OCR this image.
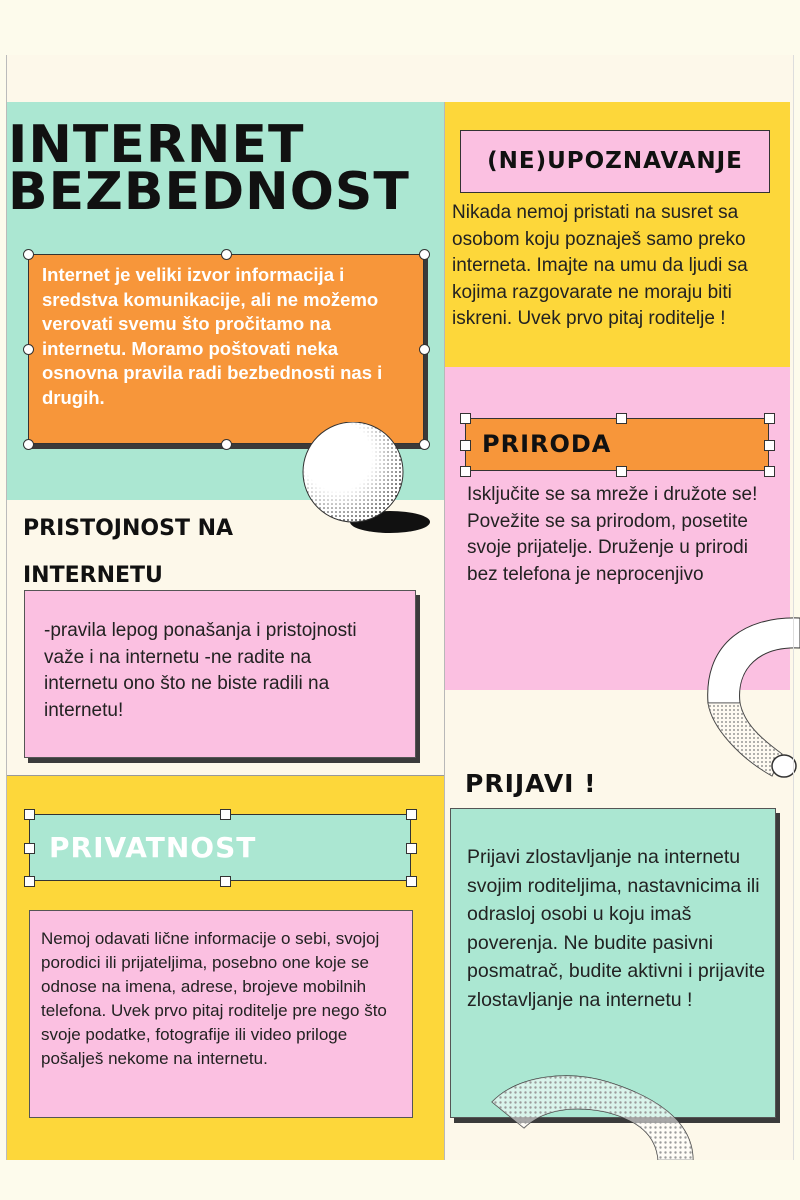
INTERNET
BEZBEDNOST
Internet je veliki izvor informacija i sredstva komunikacije, ali ne možemo verovati svemu što pročitamo na internetu. Moramo poštovati neka osnovna pravila radi bezbednosti nas i drugih.
(NE)UPOZNAVANJE
Nikada nemoj pristati na susret sa osobom koju poznaješ samo preko interneta. Imajte na umu da ljudi sa kojima razgovarate ne moraju biti iskreni. Uvek prvo pitaj roditelje !
PRIRODA
Isključite se sa mreže i družote se! Povežite se sa prirodom, posetite svoje prijatelje. Druženje u prirodi bez telefona je neprocenjivo
PRISTOJNOST NA
INTERNETU
-pravila lepog ponašanja i pristojnosti važe i na internetu -ne radite na internetu ono što ne biste radili na internetu!
PRIJAVI !
Prijavi zlostavljanje na internetu svojim roditeljima, nastavnicima ili odrasloj osobi u koju imaš poverenja. Ne budite pasivni posmatrač, budite aktivni i prijavite zlostavljanje na internetu !
PRIVATNOST
Nemoj odavati lične informacije o sebi, svojoj porodici ili prijateljima, posebno one koje se odnose na imena, adrese, brojeve mobilnih telefona. Uvek prvo pitaj roditelje pre nego što svoje podatke, fotografije ili video priloge pošalješ nekome na internetu.
